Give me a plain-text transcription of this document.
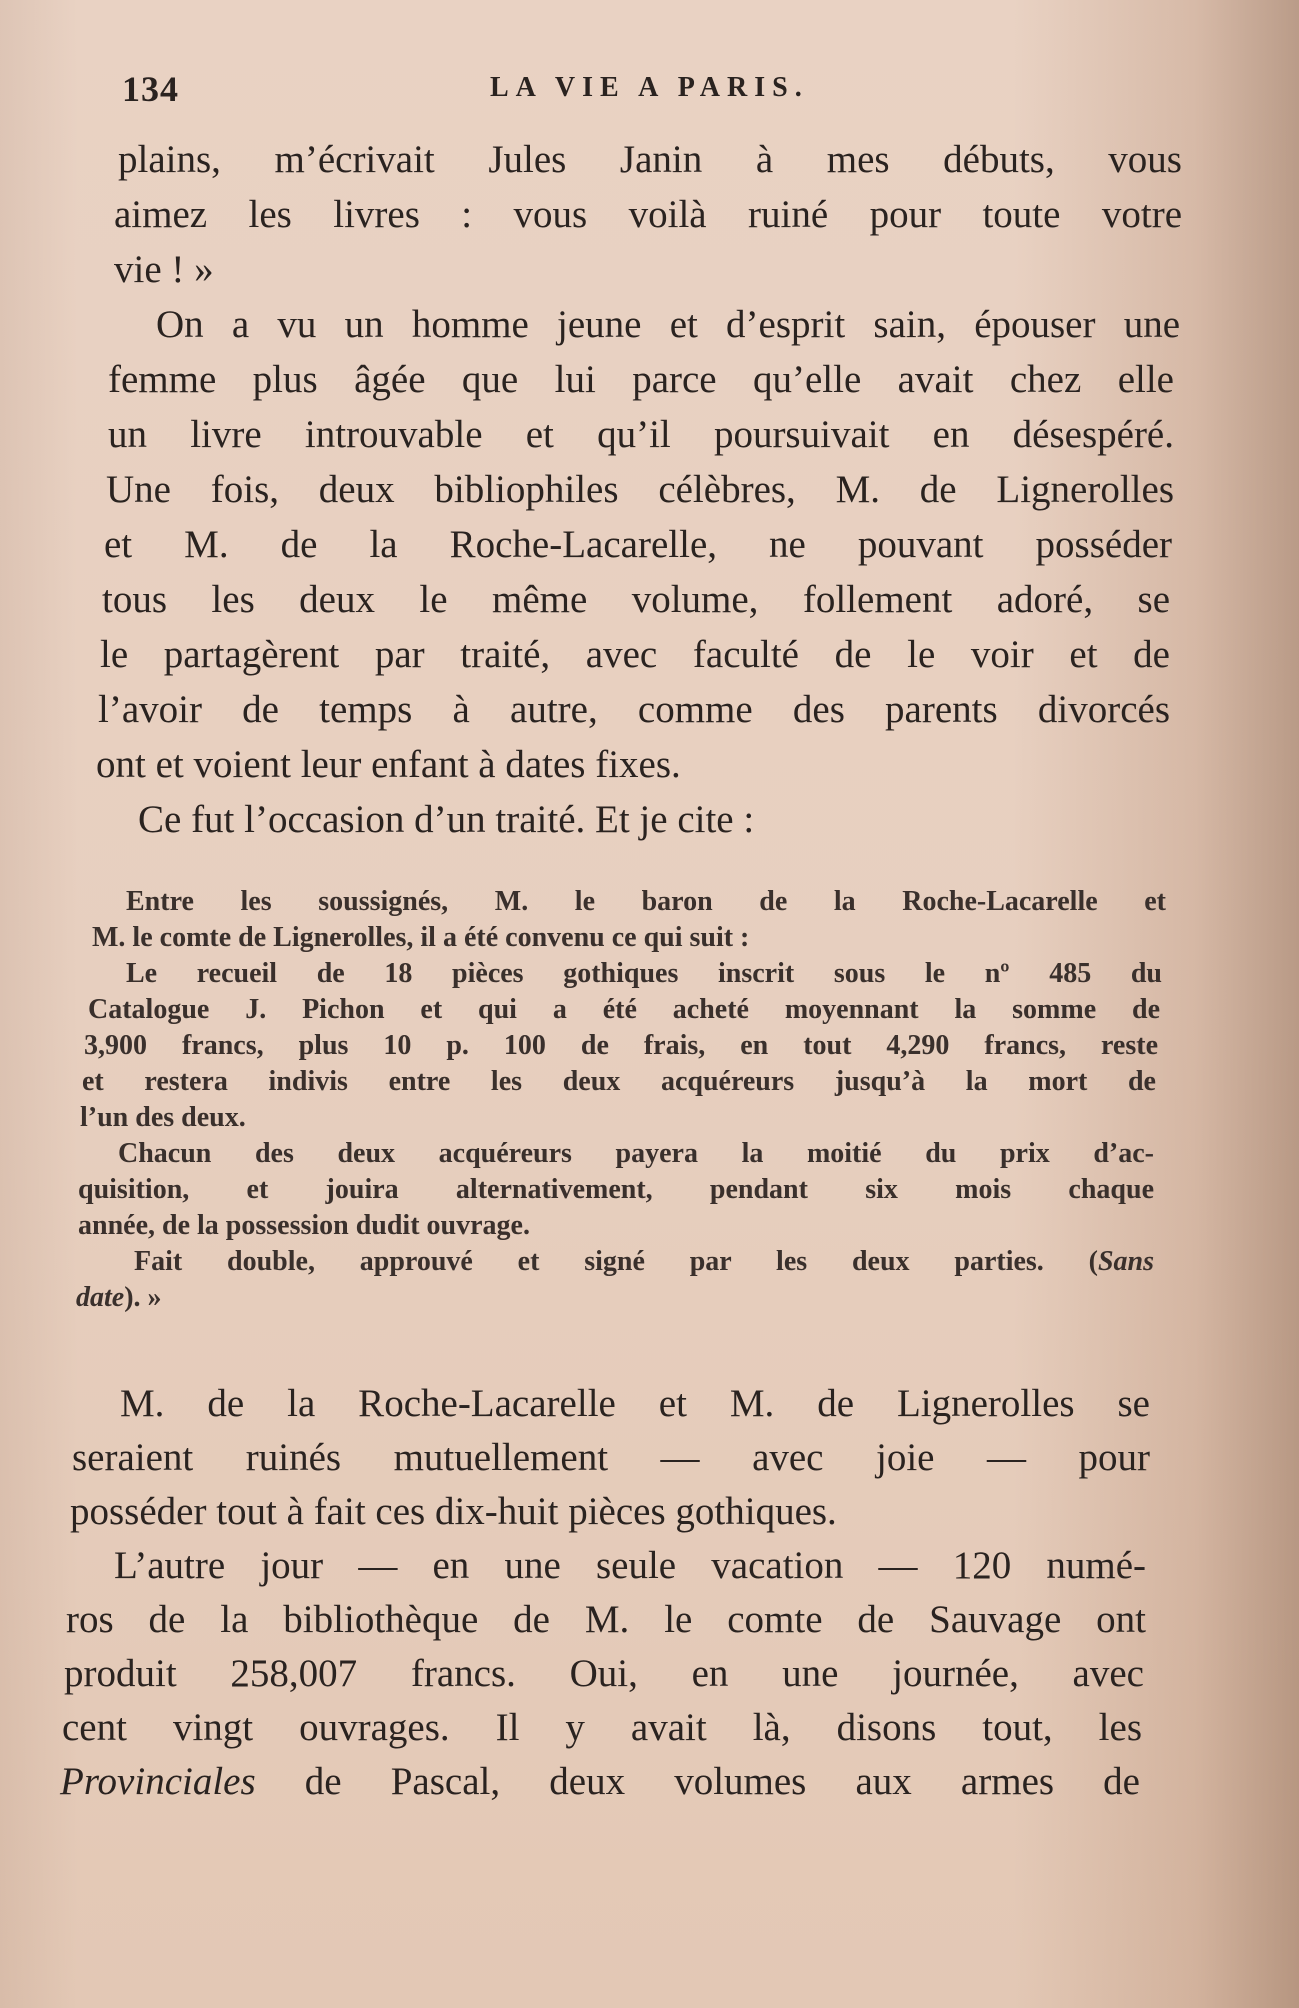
134	LA VIE A PARIS.
plains, m’écrivait Jules Janin à mes débuts, vous
aimez les livres : vous voilà ruiné pour toute votre
vie ! »
On a vu un homme jeune et d’esprit sain, épouser une
femme plus âgée que lui parce qu’elle avait chez elle
un livre introuvable et qu’il poursuivait en désespéré.
Une fois, deux bibliophiles célèbres, M. de Lignerolles
et M. de la Roche-Lacarelle, ne pouvant posséder
tous les deux le même volume, follement adoré, se
le partagèrent par traité, avec faculté de le voir et de
l’avoir de temps à autre, comme des parents divorcés
ont et voient leur enfant à dates fixes.
Ce fut l’occasion d’un traité. Et je cite :
Entre les soussignés, M. le baron de la Roche-Lacarelle et
M. le comte de Lignerolles, il a été convenu ce qui suit :
Le recueil de 18 pièces gothiques inscrit sous le nº 485 du
Catalogue J. Pichon et qui a été acheté moyennant la somme de
3,900 francs, plus 10 p. 100 de frais, en tout 4,290 francs, reste
et restera indivis entre les deux acquéreurs jusqu’à la mort de
l’un des deux.
Chacun des deux acquéreurs payera la moitié du prix d’ac-
quisition, et jouira alternativement, pendant six mois chaque
année, de la possession dudit ouvrage.
Fait double, approuvé et signé par les deux parties. (Sans
date). »
M. de la Roche-Lacarelle et M. de Lignerolles se
seraient ruinés mutuellement — avec joie — pour
posséder tout à fait ces dix-huit pièces gothiques.
L’autre jour — en une seule vacation — 120 numé-
ros de la bibliothèque de M. le comte de Sauvage ont
produit 258,007 francs. Oui, en une journée, avec
cent vingt ouvrages. Il y avait là, disons tout, les
Provinciales de Pascal, deux volumes aux armes de
